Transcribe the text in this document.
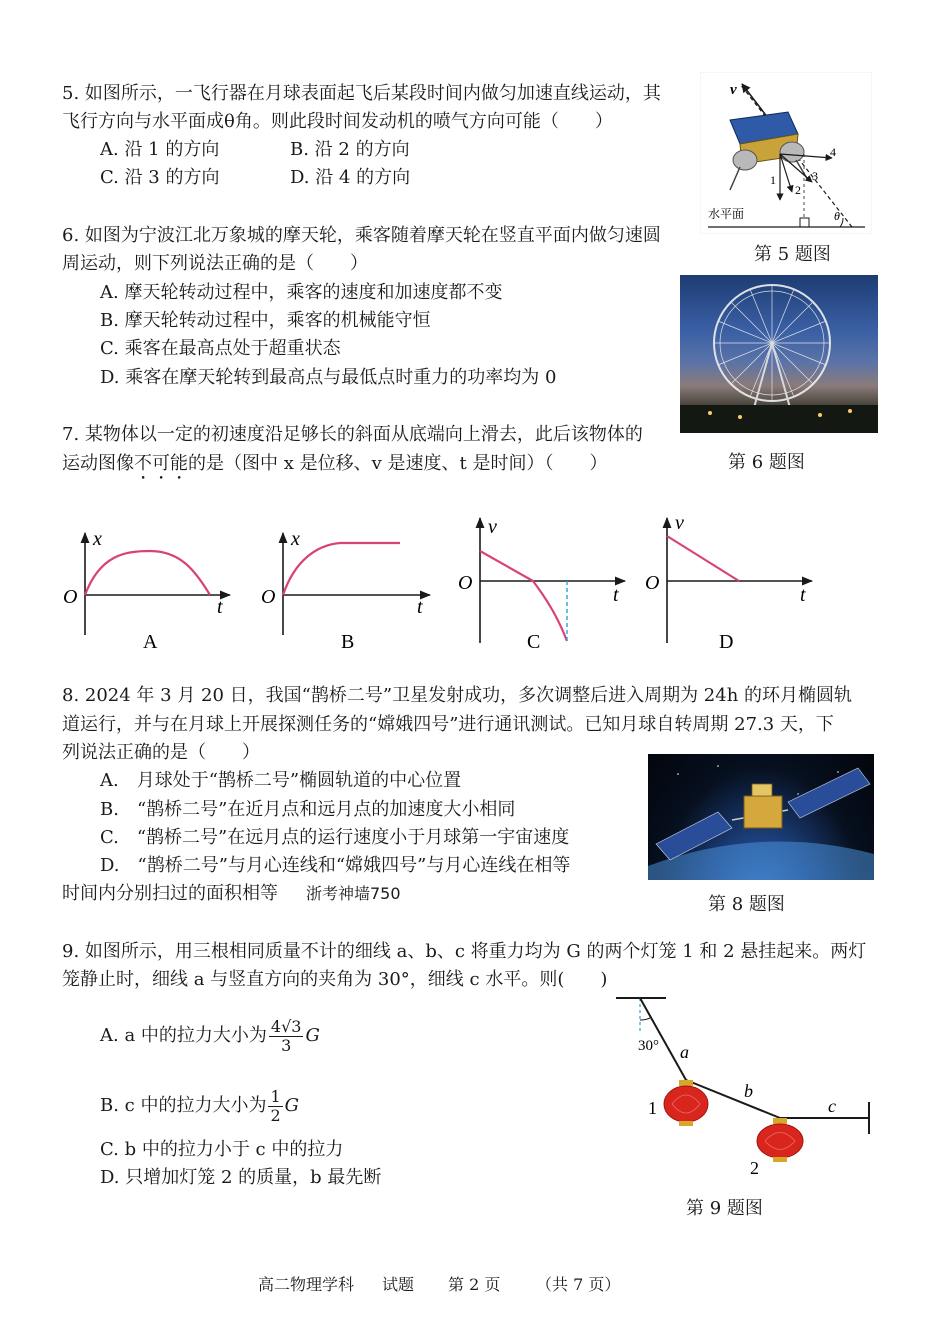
5. 如图所示，一飞行器在月球表面起飞后某段时间内做匀加速直线运动，其
飞行方向与水平面成θ角。则此段时间发动机的喷气方向可能（　　）
A. 沿 1 的方向	B. 沿 2 的方向
C. 沿 3 的方向	D. 沿 4 的方向	1
2
3
4
v
水平面	θ
第 5 题图
6. 如图为宁波江北万象城的摩天轮，乘客随着摩天轮在竖直平面内做匀速圆
周运动，则下列说法正确的是（　　）
A. 摩天轮转动过程中，乘客的速度和加速度都不变
B. 摩天轮转动过程中，乘客的机械能守恒
C. 乘客在最高点处于超重状态
D. 乘客在摩天轮转到最高点与最低点时重力的功率均为 0
第 6 题图
7. 某物体以一定的初速度沿足够长的斜面从底端向上滑去，此后该物体的
运动图像不可能的是（图中 x 是位移、v 是速度、t 是时间）（　　）
x
O	t
A
x
O	t
B
v
O
t
C
v
O
t
D
8. 2024 年 3 月 20 日，我国“鹊桥二号”卫星发射成功，多次调整后进入周期为 24h 的环月椭圆轨
道运行，并与在月球上开展探测任务的“嫦娥四号”进行通讯测试。已知月球自转周期 27.3 天，下
列说法正确的是（　　）
A.　月球处于“鹊桥二号”椭圆轨道的中心位置
B.　“鹊桥二号”在近月点和远月点的加速度大小相同
C.　“鹊桥二号”在远月点的运行速度小于月球第一宇宙速度
D.　“鹊桥二号”与月心连线和“嫦娥四号”与月心连线在相等
时间内分别扫过的面积相等 浙考神墙750
第 8 题图
9. 如图所示，用三根相同质量不计的细线 a、b、c 将重力均为 G 的两个灯笼 1 和 2 悬挂起来。两灯
笼静止时，细线 a 与竖直方向的夹角为 30°，细线 c 水平。则(　　)
A. a 中的拉力大小为 $\frac{4√3}{3}$ G
B. c 中的拉力大小为 $\frac{1}{2}$ G
C. b 中的拉力小于 c 中的拉力
D. 只增加灯笼 2 的质量，b 最先断
30° a
b
c
1
2
第 9 题图
高二物理学科 试题 第 2 页 （共 7 页）
